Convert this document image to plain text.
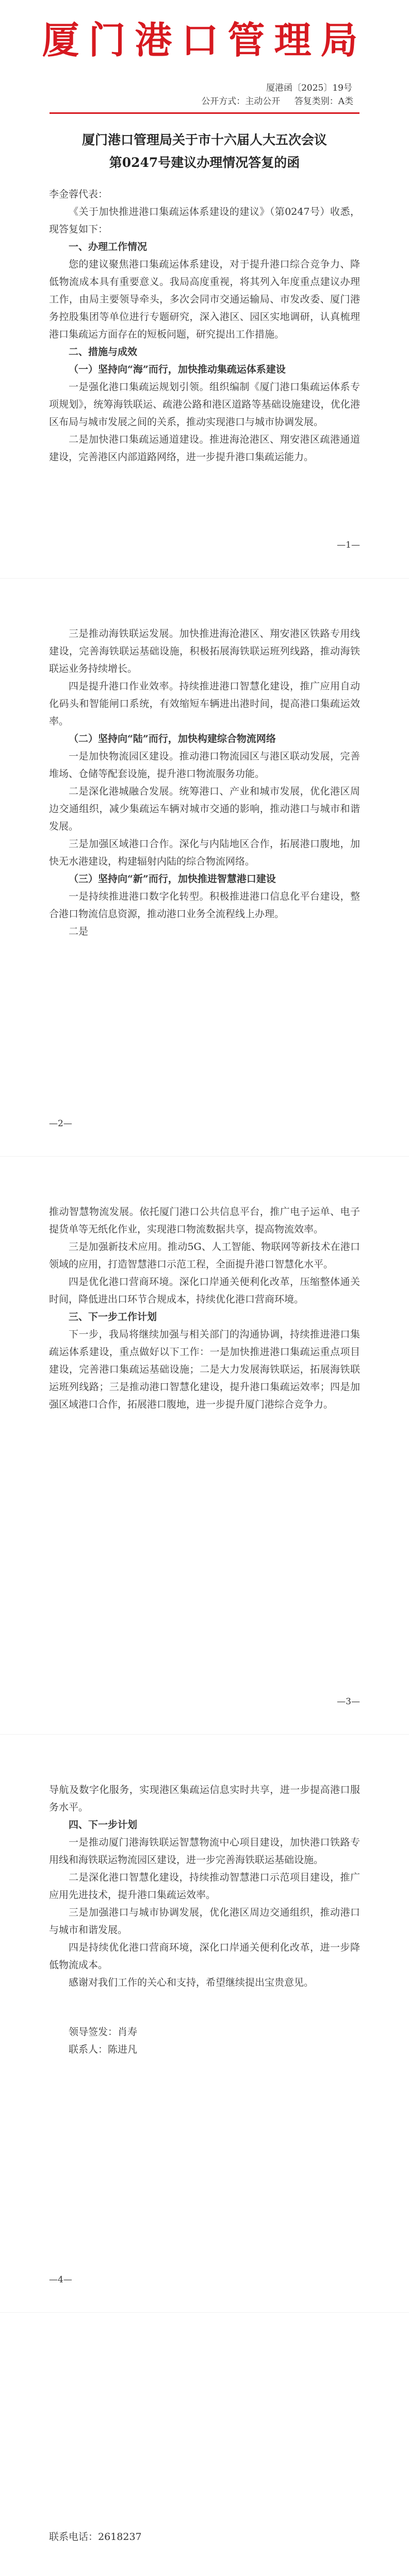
厦门港口管理局
厦港函〔2025〕19号
公开方式：主动公开 答复类别：A类
厦门港口管理局关于市十六届人大五次会议
第0247号建议办理情况答复的函

李金蓉代表：

《关于加快推进港口集疏运体系建设的建议》（第0247号）收悉，现答复如下：

一、办理工作情况

您的建议聚焦港口集疏运体系建设，对于提升港口综合竞争力、降低物流成本具有重要意义。我局高度重视，将其列入年度重点建议办理工作，由局主要领导牵头，多次会同市交通运输局、市发改委、厦门港务控股集团等单位进行专题研究，深入港区、园区实地调研，认真梳理港口集疏运方面存在的短板问题，研究提出工作措施。

二、措施与成效

（一）坚持向“海”而行，加快推动集疏运体系建设

一是强化港口集疏运规划引领。组织编制《厦门港口集疏运体系专项规划》，统筹海铁联运、疏港公路和港区道路等基础设施建设，优化港区布局与城市发展之间的关系，推动实现港口与城市协调发展。

二是加快港口集疏运通道建设。推进海沧港区、翔安港区疏港通道建设，完善港区内部道路网络，进一步提升港口集疏运能力。

—1—

三是推动海铁联运发展。加快推进海沧港区、翔安港区铁路专用线建设，完善海铁联运基础设施，积极拓展海铁联运班列线路，推动海铁联运业务持续增长。

四是提升港口作业效率。持续推进港口智慧化建设，推广应用自动化码头和智能闸口系统，有效缩短车辆进出港时间，提高港口集疏运效率。

（二）坚持向“陆”而行，加快构建综合物流网络

一是加快物流园区建设。推动港口物流园区与港区联动发展，完善堆场、仓储等配套设施，提升港口物流服务功能。

二是深化港城融合发展。统筹港口、产业和城市发展，优化港区周边交通组织，减少集疏运车辆对城市交通的影响，推动港口与城市和谐发展。

三是加强区域港口合作。深化与内陆地区合作，拓展港口腹地，加快无水港建设，构建辐射内陆的综合物流网络。

（三）坚持向“新”而行，加快推进智慧港口建设

一是持续推进港口数字化转型。积极推进港口信息化平台建设，整合港口物流信息资源，推动港口业务全流程线上办理。

二是

—2—

推动智慧物流发展。依托厦门港口公共信息平台，推广电子运单、电子提货单等无纸化作业，实现港口物流数据共享，提高物流效率。

三是加强新技术应用。推动5G、人工智能、物联网等新技术在港口领域的应用，打造智慧港口示范工程，全面提升港口智慧化水平。

四是优化港口营商环境。深化口岸通关便利化改革，压缩整体通关时间，降低进出口环节合规成本，持续优化港口营商环境。

三、下一步工作计划

下一步，我局将继续加强与相关部门的沟通协调，持续推进港口集疏运体系建设，重点做好以下工作：一是加快推进港口集疏运重点项目建设，完善港口集疏运基础设施；二是大力发展海铁联运，拓展海铁联运班列线路；三是推动港口智慧化建设，提升港口集疏运效率；四是加强区域港口合作，拓展港口腹地，进一步提升厦门港综合竞争力。

—3—

导航及数字化服务，实现港区集疏运信息实时共享，进一步提高港口服务水平。

四、下一步计划

一是推动厦门港海铁联运智慧物流中心项目建设，加快港口铁路专用线和海铁联运物流园区建设，进一步完善海铁联运基础设施。

二是深化港口智慧化建设，持续推动智慧港口示范项目建设，推广应用先进技术，提升港口集疏运效率。

三是加强港口与城市协调发展，优化港区周边交通组织，推动港口与城市和谐发展。

四是持续优化港口营商环境，深化口岸通关便利化改革，进一步降低物流成本。

感谢对我们工作的关心和支持，希望继续提出宝贵意见。

领导签发：肖寿
联系人：陈进凡
—4—

联系电话：2618237
